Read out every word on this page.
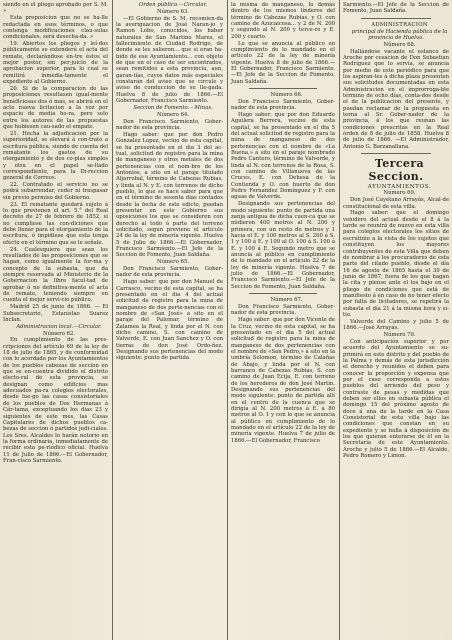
siendo en el pliego aprobado por S. M. »

Esta proposicion que no se ha-lle redactada en esos términos, o que contenga modificaciones cláu-sulas condicionales, será desecha-da. »

19. Abiertos los pliegos y leí-dos públicamente se extenderá el acta del remate, declarándose en-tre éstos el mejor postor, sin per-juicio de la aprobacion superior, para lo cual se remitirá inmedia-tamente el expediente al Gobierno.

20. Si de la comparacion de las proposiciones resultasen igual-mente beneficiosas dos ó mas, se abrirá en el acto nueva licitacion a la voz por espacio de media ho-ra, pero solo entre los autores de las propuestas que hubiesen cau-sado el empate.

21. Hecha la adjudicacion por la superioridad, se elevará á con-trato a escritura pública, siendo de cuenta del rematante los gastos de su otorgamiento y de dos co-pias simples y otra en el papel se-llado correspondiente, para la Di-reccion general de Correos.

22. Contratado el servicio no se podrá subarrendar, ceder ni traspasar sin previo permiso del Gobierno.

23. El rematante quedará sujeto á lo que previenen el art. 5.° del Real decreto de 27 de febrero de 1852, si no cumpliese las con-diciones que debe llenar para el otorgamiento de la escritura, ó impidiese que esta tenga efecto en el término que se le señale.

24. Cualesquiera que sean los resultados de las proposiciones que se hagan, como igualmente la for-ma y concepto de la subasta, que da siempre reservada al Ministerio de la Gobernacion la libre facul-tad de aprobar ó no definitiva-mente el acta de remate, teniendo siempre en cuenta el mejor servi-cio público.

Madrid 25 de junio de 1866. — El Subsecretario, Estanislao Suarez Inclan.

Administracion local.—Circular.

Número 62.

En cumplimiento de las pres-cripciones del artículo 69 de la ley de 18 de julio de 1865, y de conformidad con lo acordado por los Ayuntamientos de los pueblos cabezas de seccion en que se en-cuentra dividido el distrito electo-ral de esta provincia, se designan como edificios mas adecuados pa-ra colegios electorales, desde lue-go las casas consistoriales de los pueblos de Dos Hermanas á Cár-tama, exceptuando los dias 23 y siguientes de este mes, las Casas Capitulares de dichos pueblos ca-bezas de seccion ó partidos judi-ciales. Los Sres. Alcaldes lo harán notorio en la forma ordinaria, inmediatamente de recibir esta pe-riódico oficial. Huelva 11 de Julio de 1866.—El Gobernador, Fran-cisco Sarmiento.

Orden público.—Circular.

Número 63.

—El Gobierno de S. M. recomien-da la averiguacion de José Naran-jo y Ramon Lobo, conocidos, los haber naturales de San Martino Mares, el fallecimiento de Ciudad Rodrigo, de donde se les salieron... que si eran ha-bido de ese Ayuntamiento... con objeto de que en el caso de ser encontrados, sean remitidos a esta provincia, aun, garan-tías, cuyos datos más especiales constarán del aviso que se circule y aviso de conduccion de su lle-gada. Huelva 8 de julio de 1866.—El Gobernador, Francisco Sarmiento.

Seccion de Fomento.—Minas.

Número 64.

Don Francisco Sarmiento, Gober-nador de esta provincia.

Hago saber: que por don Pedro Gonzalez Lopez, vecino de esta capital, se ha presentado en el dia 3 del ac-tual, solicitud de registro para la mina de manganeso y otros metales de dos pertenencias con el nom-bre de los Antonios, a sito en el paraje titulado Aljarrobal, término de Cabezas Rubias, y linda al N. y E. con terrenos de dicho pueblo, lo que se hace saber para que en el término de sesenta dias contados desde la fecha de este edicto, puedan presentar en este Gobierno sus oposiciones los que se consideren con derecho al todo ó parte del terreno solicitado, segun previene el artículo 24 de la ley de minería vigente. Huelva 5 de Julio de 1866.—El Gobernador, Francisco Sarmiento.—El Jefe de la Seccion de Fomento, Juan Saldaña.

Número 65.

Don Francisco Sarmiento, Gober-nador de esta provincia.

Hago saber: que por don Manuel de Carrasco, vecino de esta capital, se ha presentado en el dia 4 del actual solicitud de registro para la mina de manganeso de dos perte-nencias con el nombre de «San José» a sito en el paraje del Palomar, término de Zalamea la Real, y linda por el N. con dicho camino, S. con camino de Valverde, E. con Juan Sanchez y O. con tierras de don José Ordo-ñez. Designando sus pertenencias del modo siguiente: punto de partida

la misma de manganeso, lo demás dentro de los mismos linderos del término de Cabezas Rubias, y O. con camino de Azucaicosa... y 2 de N. 200 y segundo al N. 200 y terce-ro y E. 200 y cuarto.

Lo que se anuncia al público en cumplimiento de lo mandado en el artículo 22 de la ley de minería vigente. Huelva 8 de julio de 1866.—El Gobernador, Francisco Sarmiento.—El Jefe de la Seccion de Fomento, Juan Saldaña.

Número 66.

Don Francisco Sarmiento, Gober-nador de esta provincia.

Hago saber: que por don Eduardo Aguilera Berrera, vecino de esta capital, se ha presentado en el dia 5 del actual solicitud de registro para la mina de manganeso de dos pertenencias con el nombre de «La Buena,» á sito en el paraje nombrado Pedro Cantero, término de Valverde, y linda al N. con terrenos de la Rosa, S. con camino de Villanueva de las Cruces, E. con Dehesa de la Contienda y O. con huerto de don Pedro Fernandez Domínguez y F. con aguas de Valverde.

Designando sus pertenencias del modo siguiente: punto de partida una zanja antigua de dicha cuen-ca que se midieron 400 metros al N. 200 y primera, con un resto de metros y 1 hacia el E. y 100 metros al S. 200 á S. 1 y 100 á E. y 100 al O. 100 á S. 100 á E. y 100 á E. Segundo metro que se anuncia al público en cumplimiento de lo mandado en el artículo 22 de la ley de minería vigente. Huelva 7 de julio de 1866.—El Gobernador, Francisco Sarmiento.—El Jefe de la Seccion de Fomento, Juan Saldaña.

Número 67.

Don Francisco Sarmiento, Gober-nador de esta provincia.

Hago saber: que por don Vicente de la Cruz, vecino de esta capital, se ha presentado en el dia 5 del actual solicitud de registro para la mina de manganeso de dos pertenencias con el nombre de «San Pedro,» á sito en la umbría Solomon, término de Calañas de Abajo, y linda por el N. con barranco de Cabezas Rubias, S. con camino de Juan Ecija, E. con terreno de los herederos de don José Martin. Designando sus pertenencias del modo siguiente: punto de partida allí en el centro de la cuenca que se dirigía al N. 200 metros á E. a 80 metros al O. 1 y con lo que se anuncia al público en cumplimiento de lo mandado en el artículo 22 de la ley de minería vigente. Huelva 7 de julio de 1866.—El Gobernador, Francisco

Sarmiento.—El Jefe de la Seccion de Fomento, Juan Saldaña.

ADMINISTRACION

principal de Hacienda pública de la provincia de Huelva.

Número 68.

Hallándose vacante el estanco de Aroche por cesacion de Don Sebastian Rodríguez que lo servía, se anuncia por medio de este periódico para que los aspiran-tes á dicha plaza presenten sus solicitudes documentadas en esta Administracion en el improrroga-ble término de ocho días, conta-dos desde el de la publicacion del presente, y puedan reclamar de la propuesta en terna al Sr. Gober-nador de la provincia, á los que reunan las condiciones prescritas en la Real órden de 8 de julio de 1858. Huelva 8 de julio de 1866. —El Administrador, Antonio G. Barzanallana.

Tercera Seccion.

AYUNTAMIENTOS.

Número 69.

Don José Cayetano Arrayás, Alcal-de constitucional de esta villa.

Hago saber: que el domingo venidero del actual desde el 8 á la tarde se reunirá de nuevo en esta villa para colegios electorales los sitios de escrutinio a la vista de los sujetos que constituyen los mayores contribuyentes de esta Villa que deben de nombrar á los procuradores de esta parte del citado pueblo, desde el día 16 de agosto de 1865 hasta el 30 de junio de 1867, fuera de los que hagan la cita y piense ante el los bajo en el pliego de condiciones que está de manifiesto á en caso de no tener efecto por falta de licitadores, se repetirá la subasta el día 21 á la misma hora y si-tio.

Valverde del Camino y julio 5 de 1866.—José Arrayás.

Número 70.

Con anticipación superior y por acuerdo del Ayuntamiento se su-primirá en este distrito y del pueblo de la Palma y demás de esta jurisdicción el derecho y reunidos el deben para conocer la proporción y expensa que por el caso corresponda a estos pueblos del arriendo del peso y contraste de pesas y medidas que deben ser ellos en subasta pública el domingo 15 del próximo agosto de doce á una de la tarde en la Casa Consistorial de esta villa bajo las condiciones que constan en su expediente y se halla á disposición de los que quieran enterarse de él en la Secretaría de este Ayuntamiento. Aroche y julio 5 de 1866.—El Alcalde, Pedro Romero y Limon.
